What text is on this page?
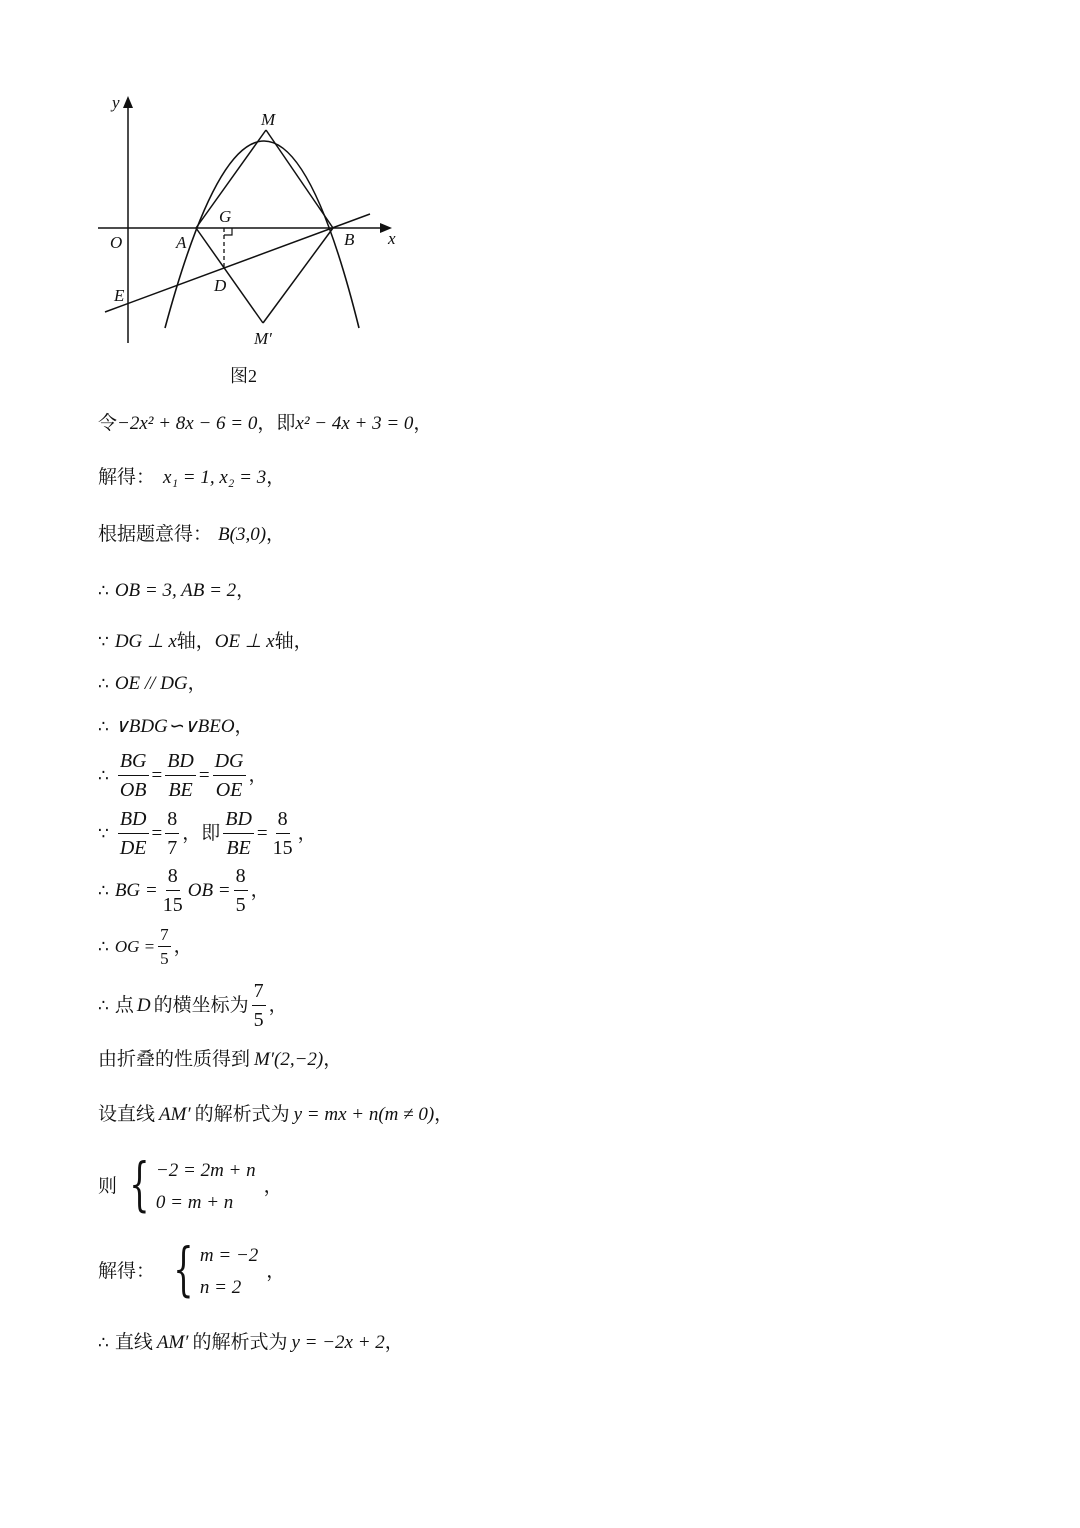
y
x
O	A	B
G
D
E
M
M′
图2
令 −2x² + 8x − 6 = 0 ，即 x² − 4x + 3 = 0 ，
解得： x₁ = 1, x₂ = 3 ，
根据题意得： B(3,0) ，
∴ OB = 3, AB = 2 ，
∵ DG ⊥ x 轴， OE ⊥ x 轴，
∴ OE // DG ，
∴ ∨BDG∽∨BEO ，
∴ $\frac{BG}{OB} = \frac{BD}{BE} = \frac{DG}{OE}$ ，
∵ $\frac{BD}{DE} = \frac{8}{7}$ ，即 $\frac{BD}{BE} = \frac{8}{15}$ ，
∴ BG = $\frac{8}{15}$ OB = $\frac{8}{5}$ ，
∴ OG = $\frac{7}{5}$ ，
∴ 点 D 的横坐标为 $\frac{7}{5}$ ，
由折叠的性质得到 M′(2,−2) ，
设直线 AM′ 的解析式为 y = mx + n(m ≠ 0) ，
则 { −2 = 2m + n
0 = m + n
，
解得： { m = −2
n = 2
，
∴ 直线 AM′ 的解析式为 y = −2x + 2 ，
